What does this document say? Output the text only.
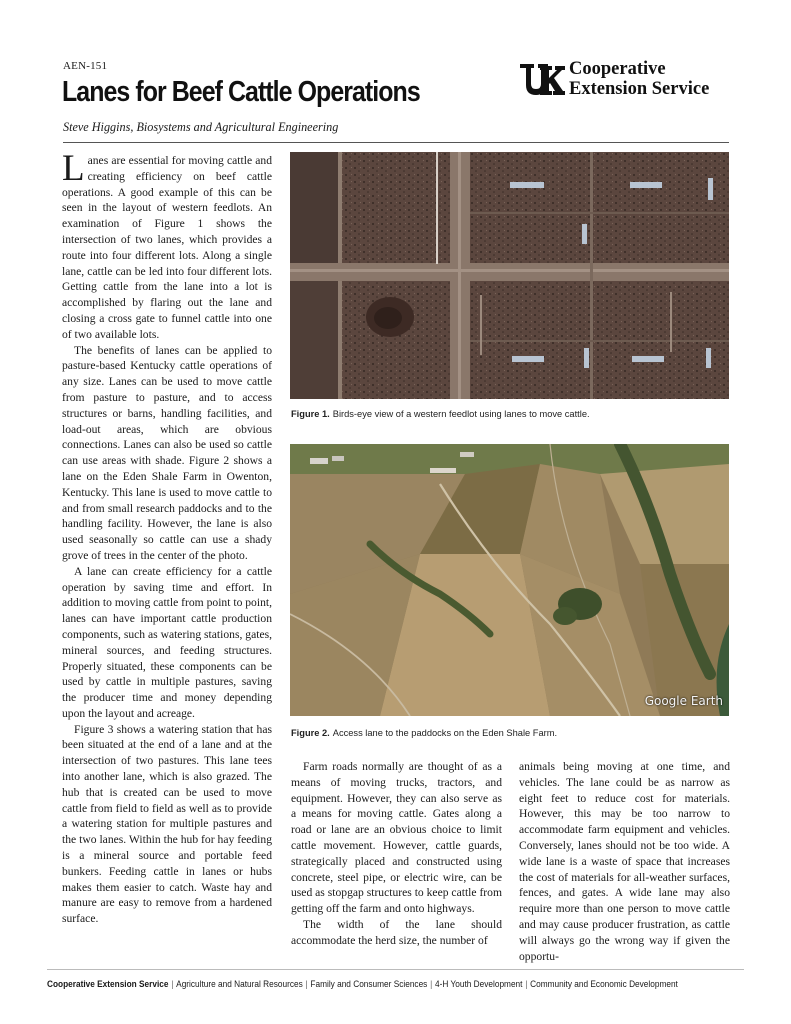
AEN-151
Lanes for Beef Cattle Operations
Steve Higgins, Biosystems and Agricultural Engineering
Cooperative
Extension Service

Lanes are essential for moving cattle and creating efficiency on beef cattle operations. A good example of this can be seen in the layout of western feedlots. An examination of Figure 1 shows the intersection of two lanes, which provides a route into four different lots. Along a single lane, cattle can be led into four different lots. Getting cattle from the lane into a lot is accomplished by flaring out the lane and closing a cross gate to funnel cattle into one of two available lots.

The benefits of lanes can be applied to pasture-based Kentucky cattle operations of any size. Lanes can be used to move cattle from pasture to pasture, and to access structures or barns, handling facilities, and load-out areas, which are obvious connections. Lanes can also be used so cattle can use areas with shade. Figure 2 shows a lane on the Eden Shale Farm in Owenton, Kentucky. This lane is used to move cattle to and from small research paddocks and to the handling facility. However, the lane is also used seasonally so cattle can use a shady grove of trees in the center of the photo.

A lane can create efficiency for a cattle operation by saving time and effort. In addition to moving cattle from point to point, lanes can have important cattle production components, such as watering stations, gates, mineral sources, and feeding structures. Properly situated, these components can be used by cattle in multiple pastures, saving the producer time and money depending upon the layout and acreage.

Figure 3 shows a watering station that has been situated at the end of a lane and at the intersection of two pastures. This lane tees into another lane, which is also grazed. The hub that is created can be used to move cattle from field to field as well as to provide a watering station for multiple pastures and the two lanes. Within the hub for hay feeding is a mineral source and portable feed bunkers. Feeding cattle in lanes or hubs makes them easier to catch. Waste hay and manure are easy to remove from a hardened surface.

Figure 1. Birds-eye view of a western feedlot using lanes to move cattle.
Google Earth
Figure 2. Access lane to the paddocks on the Eden Shale Farm.

Farm roads normally are thought of as a means of moving trucks, tractors, and equipment. However, they can also serve as a means for moving cattle. Gates along a road or lane are an obvious choice to limit cattle movement. However, cattle guards, strategically placed and constructed using concrete, steel pipe, or electric wire, can be used as stopgap structures to keep cattle from getting off the farm and onto highways.

The width of the lane should accommodate the herd size, the number of

animals being moving at one time, and vehicles. The lane could be as narrow as eight feet to reduce cost for materials. However, this may be too narrow to accommodate farm equipment and vehicles. Conversely, lanes should not be too wide. A wide lane is a waste of space that increases the cost of materials for all-weather surfaces, fences, and gates. A wide lane may also require more than one person to move cattle and may cause producer frustration, as cattle will always go the wrong way if given the opportu-

Cooperative Extension Service | Agriculture and Natural Resources | Family and Consumer Sciences | 4-H Youth Development | Community and Economic Development
